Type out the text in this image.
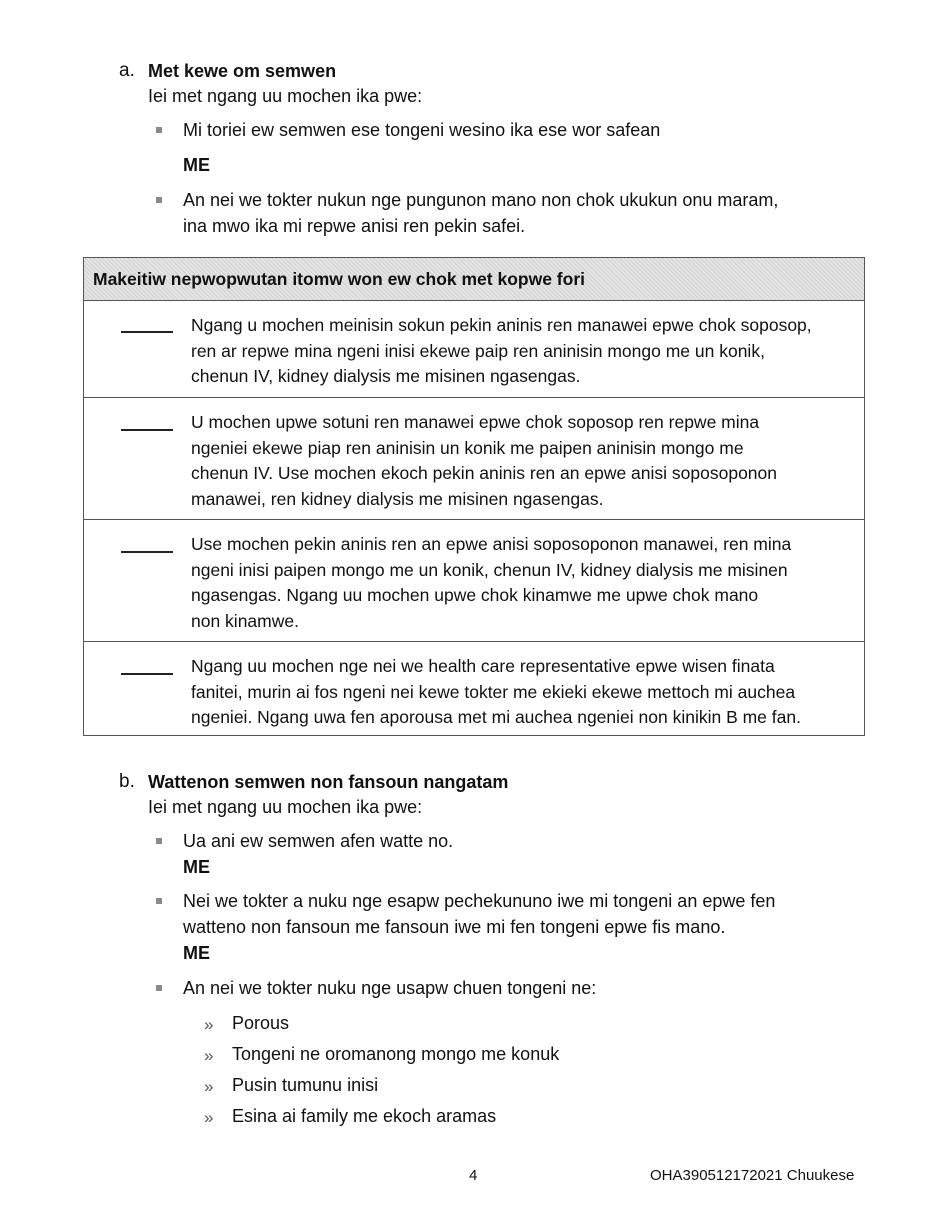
a. Met kewe om semwen
Iei met ngang uu mochen ika pwe:
Mi toriei ew semwen ese tongeni wesino ika ese wor safean
ME
An nei we tokter nukun nge pungunon mano non chok ukukun onu maram,
ina mwo ika mi repwe anisi ren pekin safei.
Makeitiw nepwopwutan itomw won ew chok met kopwe fori
Ngang u mochen meinisin sokun pekin aninis ren manawei epwe chok soposop,
ren ar repwe mina ngeni inisi ekewe paip ren aninisin mongo me un konik,
chenun IV, kidney dialysis me misinen ngasengas.
U mochen upwe sotuni ren manawei epwe chok soposop ren repwe mina
ngeniei ekewe piap ren aninisin un konik me paipen aninisin mongo me
chenun IV. Use mochen ekoch pekin aninis ren an epwe anisi soposoponon
manawei, ren kidney dialysis me misinen ngasengas.
Use mochen pekin aninis ren an epwe anisi soposoponon manawei, ren mina
ngeni inisi paipen mongo me un konik, chenun IV, kidney dialysis me misinen
ngasengas. Ngang uu mochen upwe chok kinamwe me upwe chok mano
non kinamwe.
Ngang uu mochen nge nei we health care representative epwe wisen finata
fanitei, murin ai fos ngeni nei kewe tokter me ekieki ekewe mettoch mi auchea
ngeniei. Ngang uwa fen aporousa met mi auchea ngeniei non kinikin B me fan.
b. Wattenon semwen non fansoun nangatam
Iei met ngang uu mochen ika pwe:
Ua ani ew semwen afen watte no.
ME
Nei we tokter a nuku nge esapw pechekununo iwe mi tongeni an epwe fen
watteno non fansoun me fansoun iwe mi fen tongeni epwe fis mano.
ME
An nei we tokter nuku nge usapw chuen tongeni ne:
» Porous
» Tongeni ne oromanong mongo me konuk
» Pusin tumunu inisi
» Esina ai family me ekoch aramas
4	OHA390512172021 Chuukese
